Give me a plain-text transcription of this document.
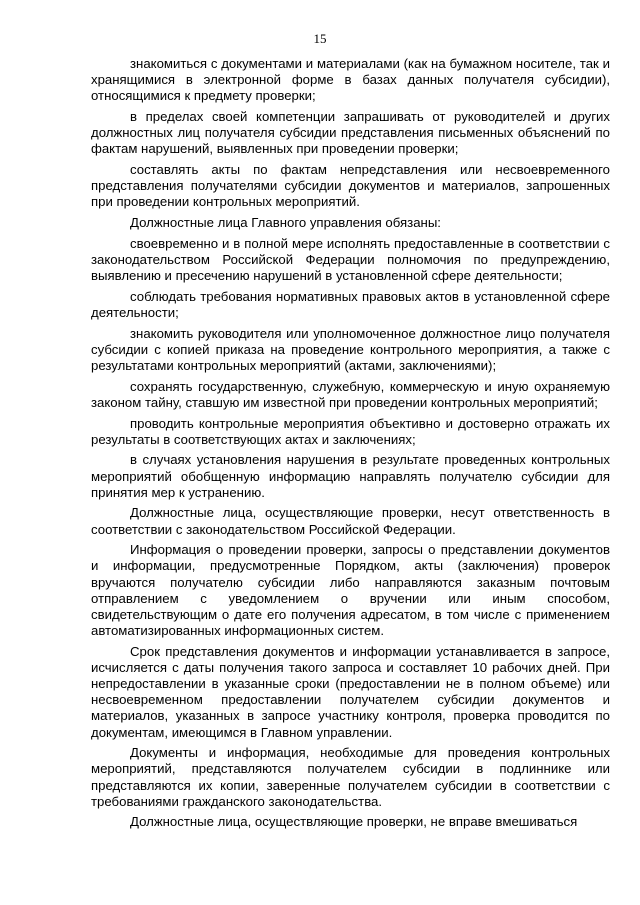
15

знакомиться с документами и материалами (как на бумажном носителе, так и хранящимися в электронной форме в базах данных получателя субсидии), относящимися к предмету проверки;

в пределах своей компетенции запрашивать от руководителей и других должностных лиц получателя субсидии представления письменных объяснений по фактам нарушений, выявленных при проведении проверки;

составлять акты по фактам непредставления или несвоевременного представления получателями субсидии документов и материалов, запрошенных при проведении контрольных мероприятий.

Должностные лица Главного управления обязаны:

своевременно и в полной мере исполнять предоставленные в соответствии с законодательством Российской Федерации полномочия по предупреждению, выявлению и пресечению нарушений в установленной сфере деятельности;

соблюдать требования нормативных правовых актов в установленной сфере деятельности;

знакомить руководителя или уполномоченное должностное лицо получателя субсидии с копией приказа на проведение контрольного мероприятия, а также с результатами контрольных мероприятий (актами, заключениями);

сохранять государственную, служебную, коммерческую и иную охраняемую законом тайну, ставшую им известной при проведении контрольных мероприятий;

проводить контрольные мероприятия объективно и достоверно отражать их результаты в соответствующих актах и заключениях;

в случаях установления нарушения в результате проведенных контрольных мероприятий обобщенную информацию направлять получателю субсидии для принятия мер к устранению.

Должностные лица, осуществляющие проверки, несут ответственность в соответствии с законодательством Российской Федерации.

Информация о проведении проверки, запросы о представлении документов и информации, предусмотренные Порядком, акты (заключения) проверок вручаются получателю субсидии либо направляются заказным почтовым отправлением с уведомлением о вручении или иным способом, свидетельствующим о дате его получения адресатом, в том числе с применением автоматизированных информационных систем.

Срок представления документов и информации устанавливается в запросе, исчисляется с даты получения такого запроса и составляет 10 рабочих дней. При непредоставлении в указанные сроки (предоставлении не в полном объеме) или несвоевременном предоставлении получателем субсидии документов и материалов, указанных в запросе участнику контроля, проверка проводится по документам, имеющимся в Главном управлении.

Документы и информация, необходимые для проведения контрольных мероприятий, представляются получателем субсидии в подлиннике или представляются их копии, заверенные получателем субсидии в соответствии с требованиями гражданского законодательства.

Должностные лица, осуществляющие проверки, не вправе вмешиваться
